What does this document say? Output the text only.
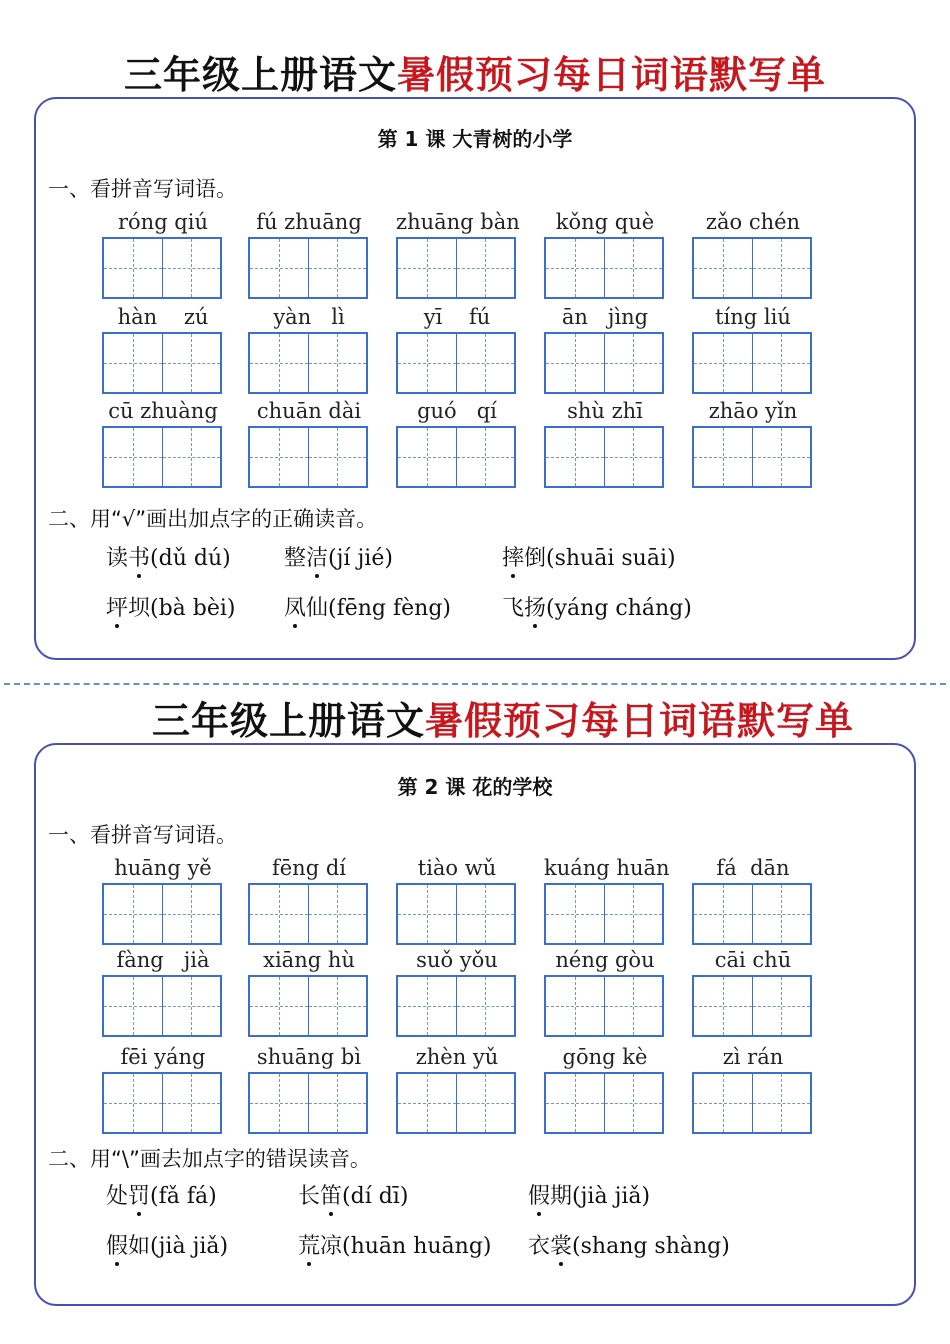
三年级上册语文暑假预习每日词语默写单
第 1 课 大青树的小学
一、看拼音写词语。
róng qiú	fú zhuāng	zhuāng bàn	kǒng què	zǎo chén
hàn    zú	yàn   lì	yī    fú	ān   jìng	tíng liú
cū zhuàng	chuān dài	guó   qí	shù zhī	zhāo yǐn
二、用“√”画出加点字的正确读音。
读书(dǔ dú) 整洁(jí jié)	摔倒(shuāi suāi)
坪坝(bà bèi) 凤仙(fēng fèng) 飞扬(yáng cháng)
三年级上册语文暑假预习每日词语默写单
第 2 课 花的学校
一、看拼音写词语。
huāng yě	fēng dí	tiào wǔ	kuáng huān	fá  dān
fàng   jià	xiāng hù	suǒ yǒu	néng gòu	cāi chū
fēi yáng	shuāng bì	zhèn yǔ	gōng kè	zì rán
二、用“\”画去加点字的错误读音。
处罚(fǎ fá)	长笛(dí dī)	假期(jià jiǎ)
假如(jià jiǎ)	荒凉(huān huāng) 衣裳(shang shàng)
